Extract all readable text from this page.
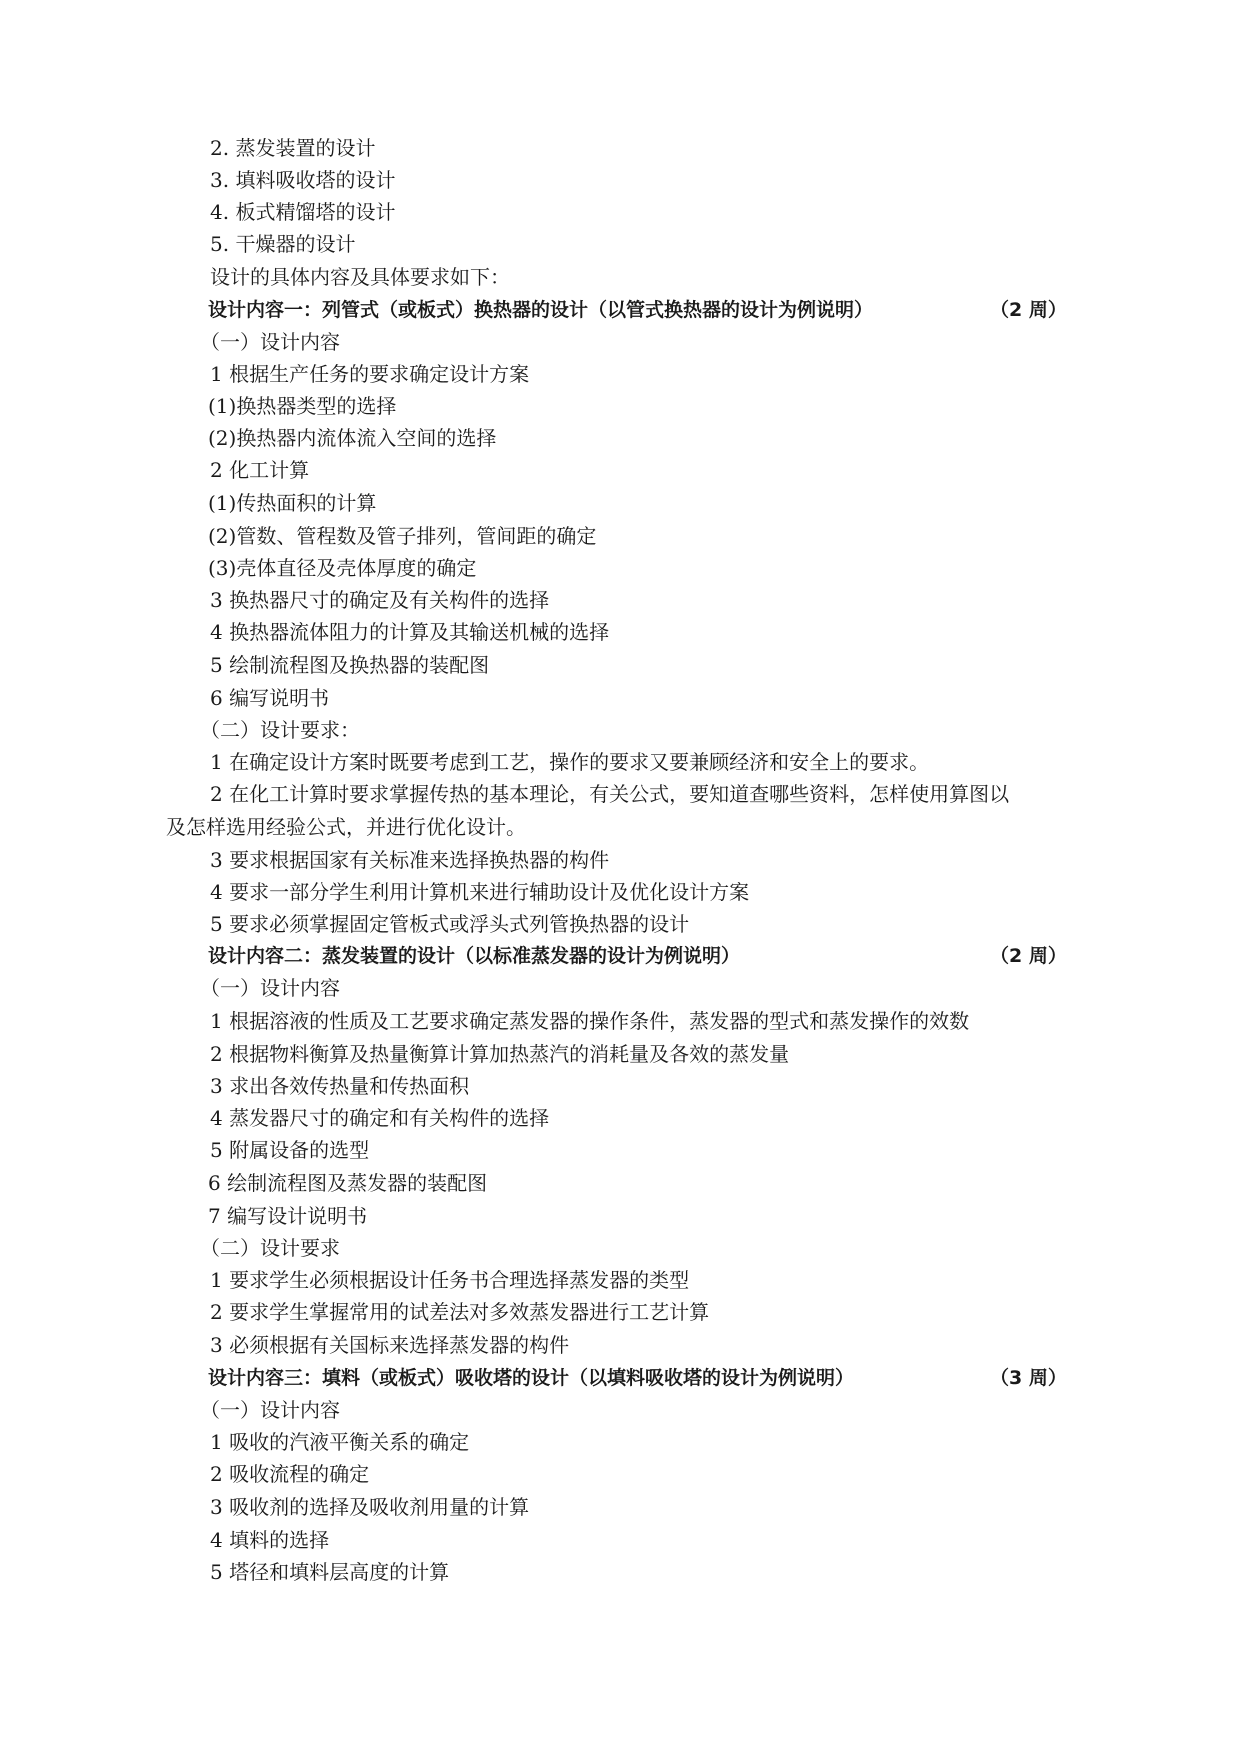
2. 蒸发装置的设计
3. 填料吸收塔的设计
4. 板式精馏塔的设计
5. 干燥器的设计
设计的具体内容及具体要求如下：
设计内容一：列管式（或板式）换热器的设计（以管式换热器的设计为例说明）	（2 周）
（一）设计内容
1 根据生产任务的要求确定设计方案
(1)换热器类型的选择
(2)换热器内流体流入空间的选择
2 化工计算
(1)传热面积的计算
(2)管数、管程数及管子排列，管间距的确定
(3)壳体直径及壳体厚度的确定
3 换热器尺寸的确定及有关构件的选择
4 换热器流体阻力的计算及其输送机械的选择
5 绘制流程图及换热器的装配图
6 编写说明书
（二）设计要求：
1 在确定设计方案时既要考虑到工艺，操作的要求又要兼顾经济和安全上的要求。
2 在化工计算时要求掌握传热的基本理论，有关公式，要知道查哪些资料，怎样使用算图以
及怎样选用经验公式，并进行优化设计。
3 要求根据国家有关标准来选择换热器的构件
4 要求一部分学生利用计算机来进行辅助设计及优化设计方案
5 要求必须掌握固定管板式或浮头式列管换热器的设计
设计内容二：蒸发装置的设计（以标准蒸发器的设计为例说明）	（2 周）
（一）设计内容
1 根据溶液的性质及工艺要求确定蒸发器的操作条件，蒸发器的型式和蒸发操作的效数
2 根据物料衡算及热量衡算计算加热蒸汽的消耗量及各效的蒸发量
3 求出各效传热量和传热面积
4 蒸发器尺寸的确定和有关构件的选择
5 附属设备的选型
6 绘制流程图及蒸发器的装配图
7 编写设计说明书
（二）设计要求
1 要求学生必须根据设计任务书合理选择蒸发器的类型
2 要求学生掌握常用的试差法对多效蒸发器进行工艺计算
3 必须根据有关国标来选择蒸发器的构件
设计内容三：填料（或板式）吸收塔的设计（以填料吸收塔的设计为例说明）	（3 周）
（一）设计内容
1 吸收的汽液平衡关系的确定
2 吸收流程的确定
3 吸收剂的选择及吸收剂用量的计算
4 填料的选择
5 塔径和填料层高度的计算
